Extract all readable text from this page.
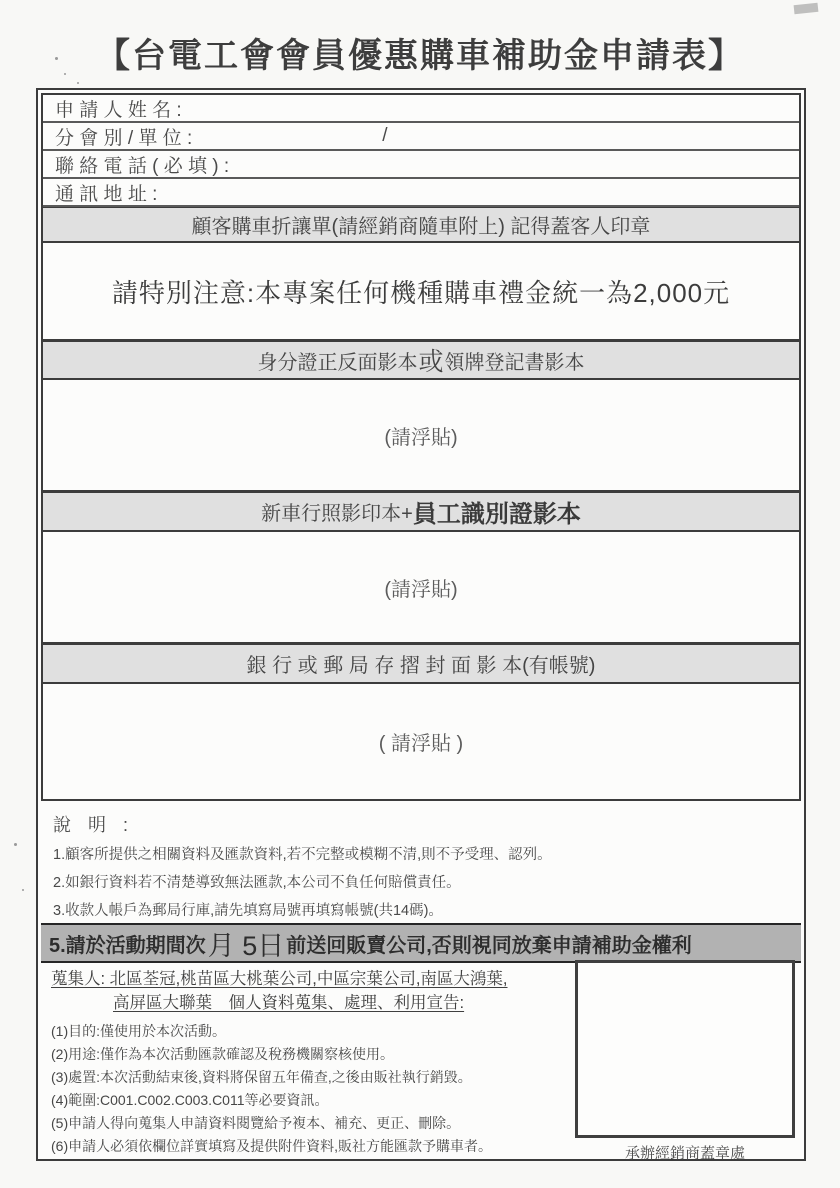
【台電工會會員優惠購車補助金申請表】
申 請 人 姓 名 :
分 會 別 / 單 位 :	/
聯 絡 電 話 ( 必 填 ) :
通 訊 地 址 :
顧客購車折讓單(請經銷商隨車附上) 記得蓋客人印章
請特別注意:本專案任何機種購車禮金統一為2,000元
身分證正反面影本 或 領牌登記書影本
(請浮貼)
新車行照影印本+ 員工識別證影本
(請浮貼)
銀 行 或 郵 局 存 摺 封 面 影 本(有帳號)
( 請浮貼 )
說 明 :
1.顧客所提供之相關資料及匯款資料,若不完整或模糊不清,則不予受理、認列。
2.如銀行資料若不清楚導致無法匯款,本公司不負任何賠償責任。
3.收款人帳戶為郵局行庫,請先填寫局號再填寫帳號(共14碼)。
5.請於活動期間次 月 5日 前送回販賣公司,否則視同放棄申請補助金權利
蒐集人: 北區荃冠,桃苗區大桃葉公司,中區宗葉公司,南區大鴻葉,
高屏區大聯葉　個人資料蒐集、處理、利用宣告:
(1)目的:僅使用於本次活動。
(2)用途:僅作為本次活動匯款確認及稅務機關察核使用。
(3)處置:本次活動結束後,資料將保留五年備查,之後由販社執行銷毀。
(4)範圍:C001.C002.C003.C011等必要資訊。
(5)申請人得向蒐集人申請資料閱覽給予複本、補充、更正、刪除。
(6)申請人必須依欄位詳實填寫及提供附件資料,販社方能匯款予購車者。	承辦經銷商蓋章處
